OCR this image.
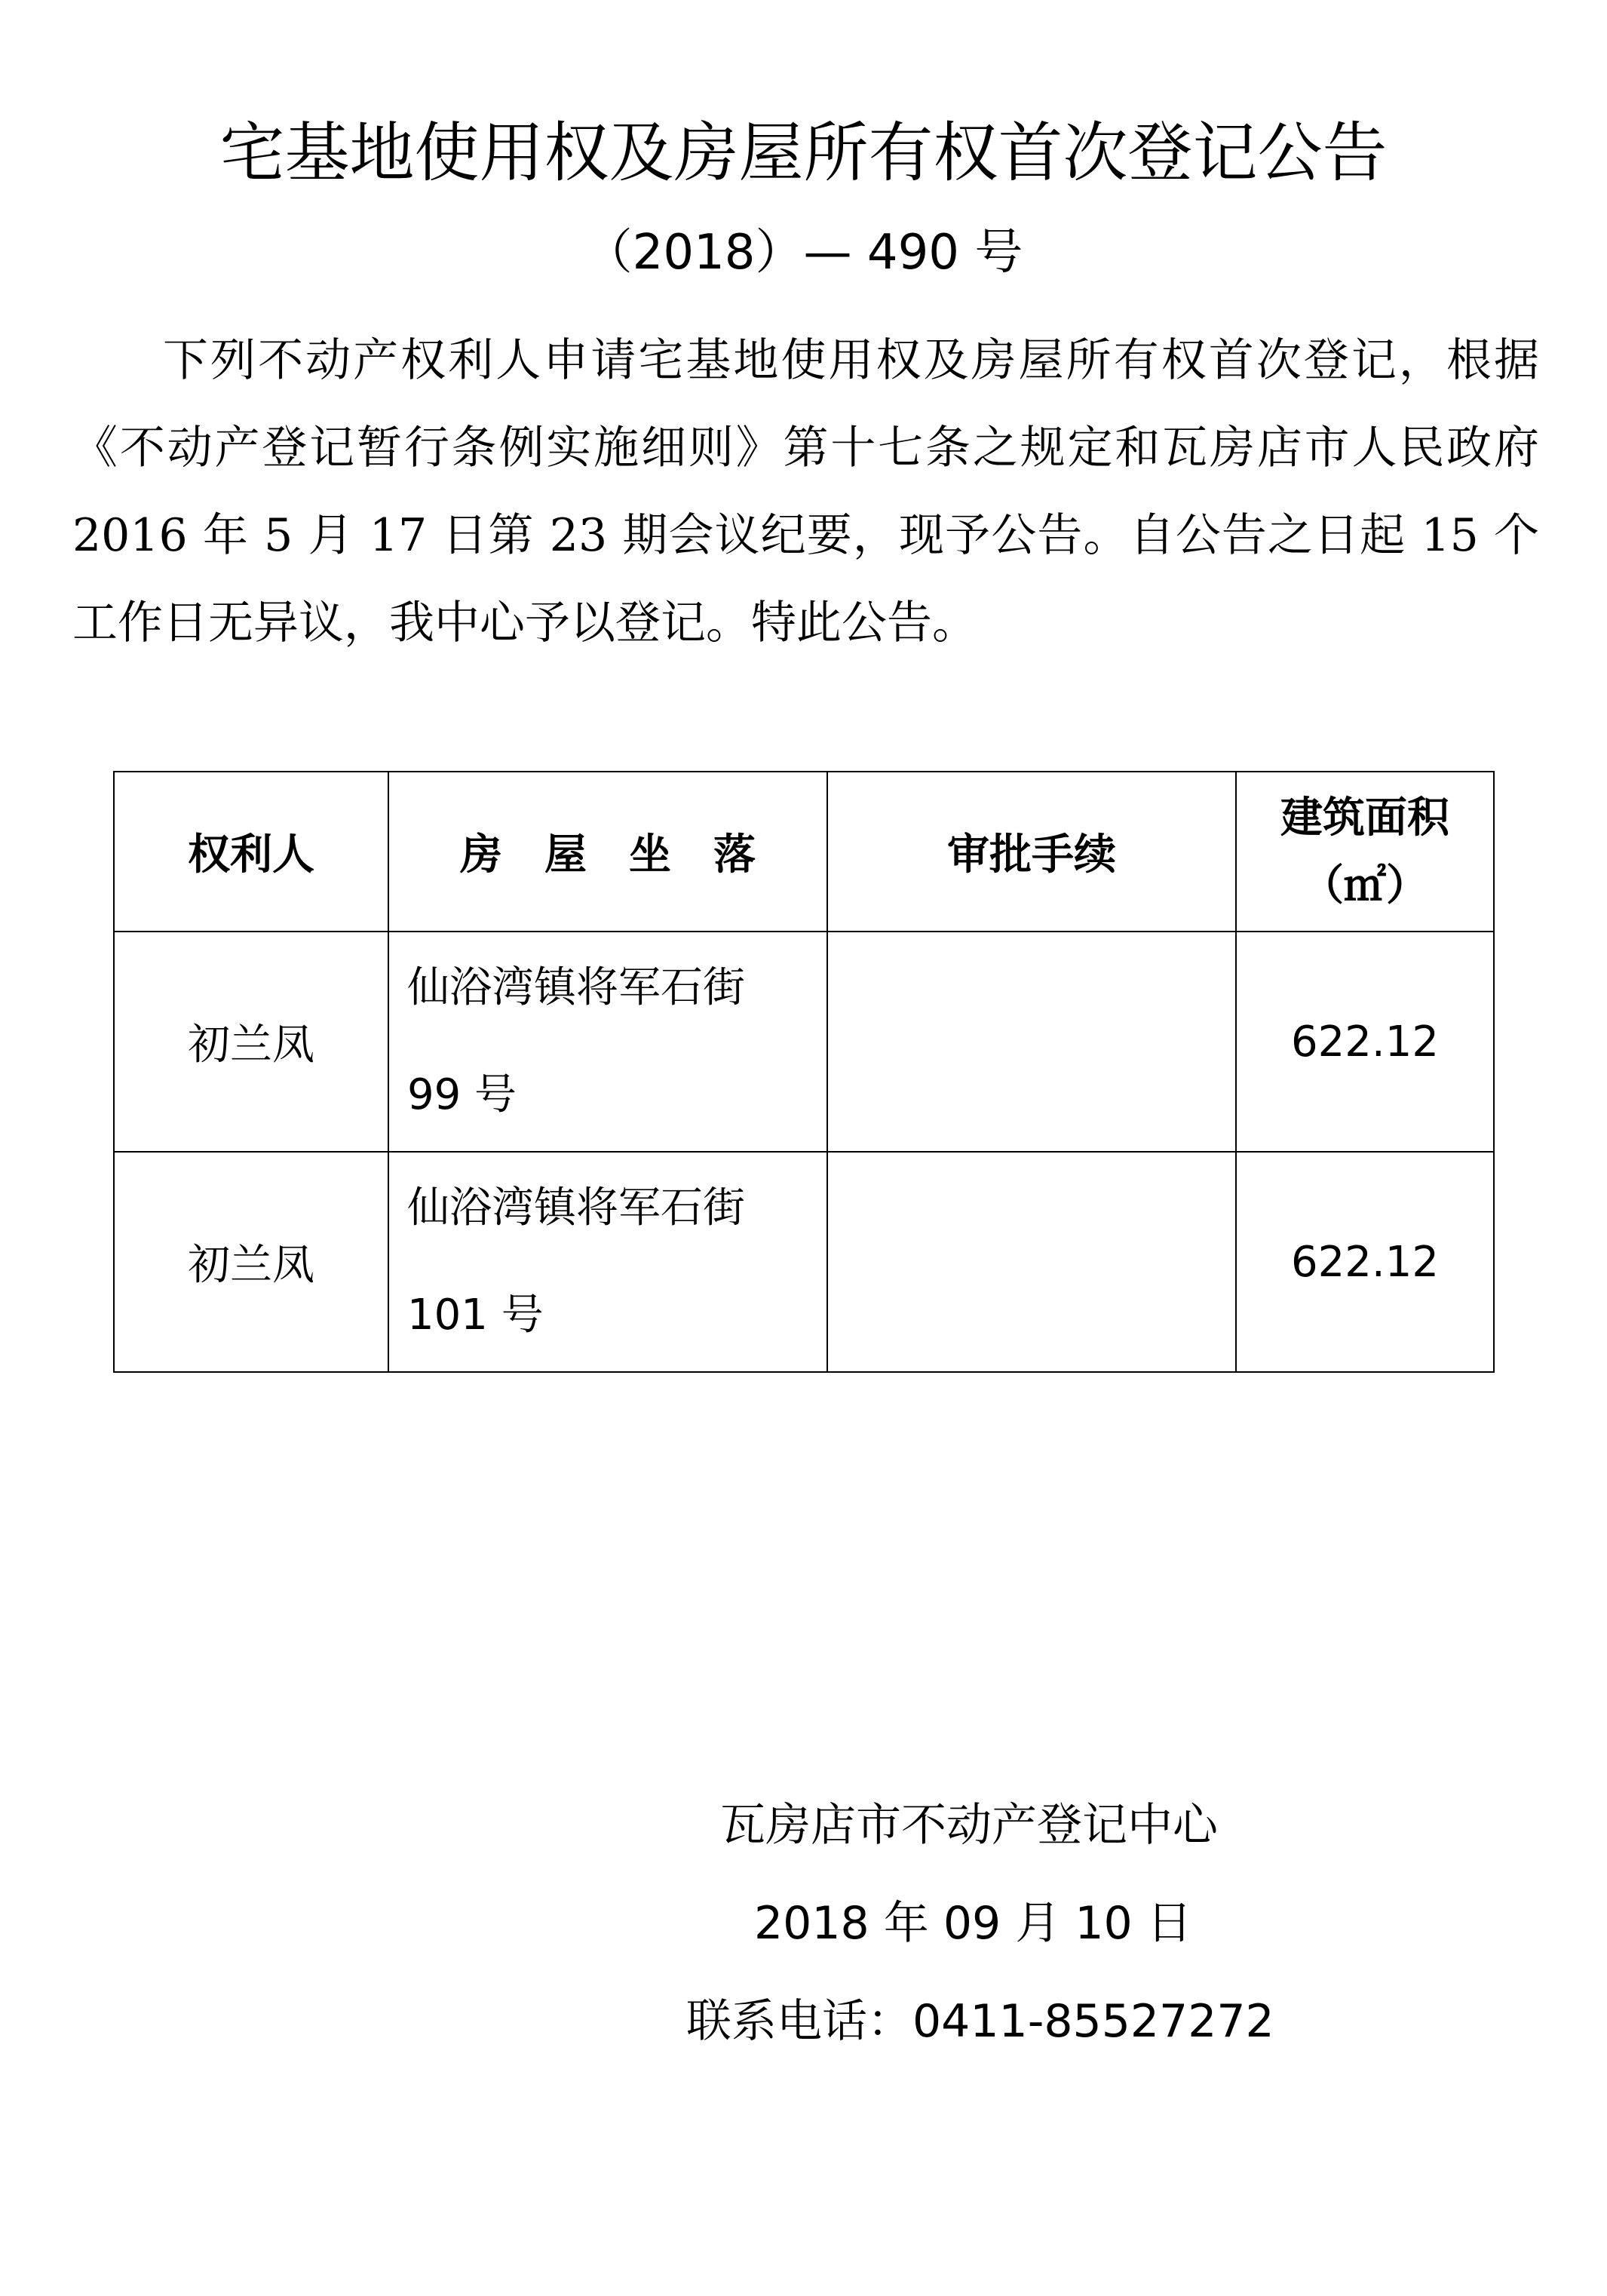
宅基地使用权及房屋所有权首次登记公告
（2018）— 490 号

下列不动产权利人申请宅基地使用权及房屋所有权首次登记，根据《不动产登记暂行条例实施细则》第十七条之规定和瓦房店市人民政府 2016 年 5 月 17 日第 23 期会议纪要，现予公告。自公告之日起 15 个工作日无异议，我中心予以登记。特此公告。

权利人	房　屋　坐　落	审批手续	建筑面积
（㎡）

初兰凤	仙浴湾镇将军石街
99 号		622.12
初兰凤	仙浴湾镇将军石街
101 号		622.12
瓦房店市不动产登记中心
2018 年 09 月 10 日
联系电话：0411-85527272
